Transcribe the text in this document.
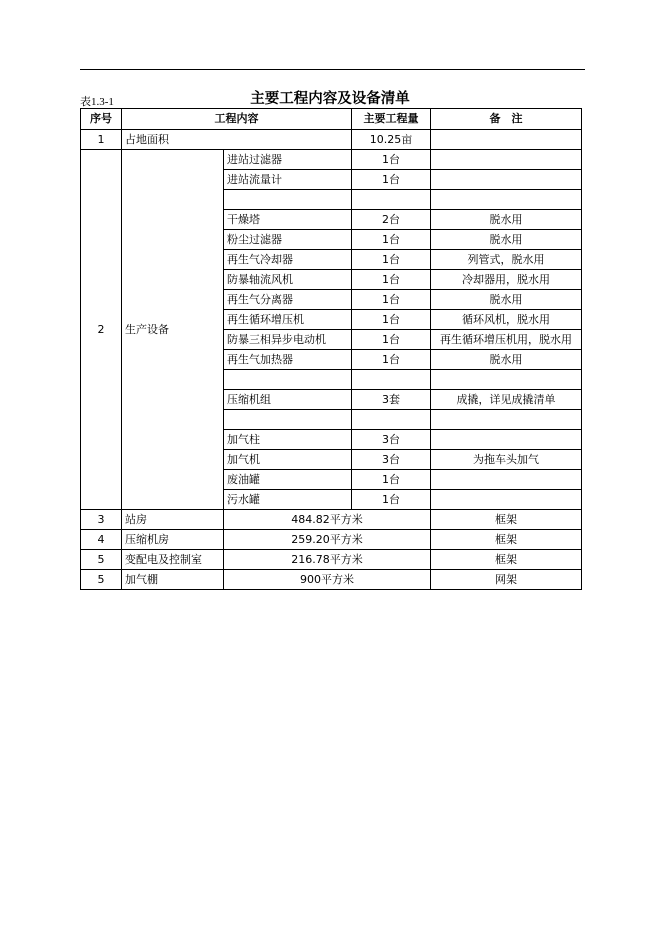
表1.3-1	主要工程内容及设备清单
序号	工程内容		主要工程量	备　注
1	占地面积		10.25亩	
2	生产设备	进站过滤器	1台	
		进站流量计	1台	

		干燥塔	2台	脱水用
		粉尘过滤器	1台	脱水用
		再生气冷却器	1台	列管式，脱水用
		防暴轴流风机	1台	冷却器用，脱水用
		再生气分离器	1台	脱水用
		再生循环增压机	1台	循环风机，脱水用
		防暴三相异步电动机	1台	再生循环增压机用，脱水用
		再生气加热器	1台	脱水用

		压缩机组	3套	成撬，详见成撬清单

		加气柱	3台	
		加气机	3台	为拖车头加气
		废油罐	1台	
		污水罐	1台	
3	站房	484.82平方米		框架
4	压缩机房	259.20平方米		框架
5	变配电及控制室	216.78平方米		框架
5	加气棚	900平方米		网架
